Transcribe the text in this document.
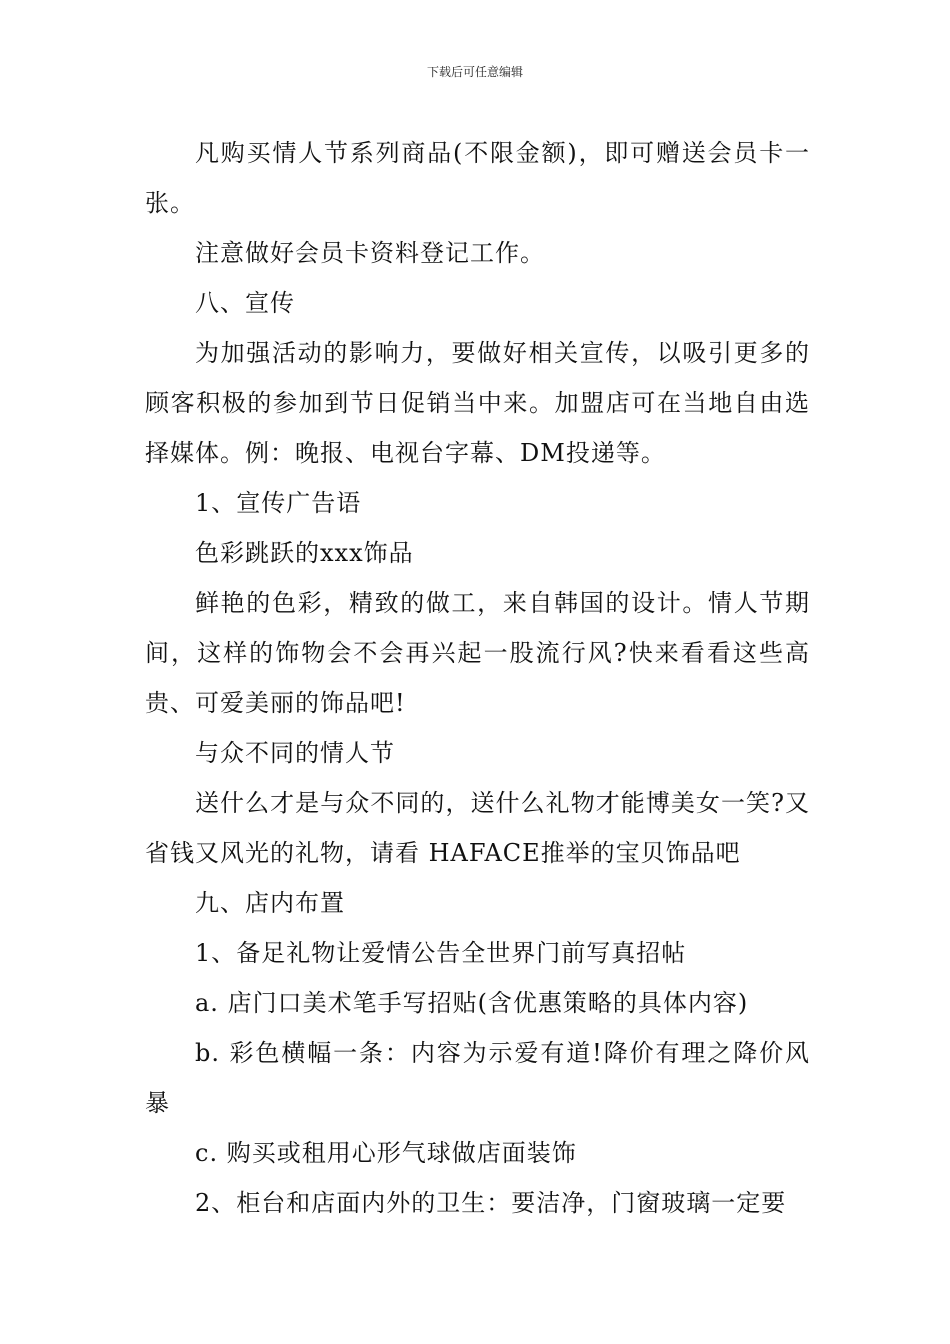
下载后可任意编辑

凡购买情人节系列商品(不限金额)，即可赠送会员卡一张。

注意做好会员卡资料登记工作。

八、宣传

为加强活动的影响力，要做好相关宣传，以吸引更多的顾客积极的参加到节日促销当中来。加盟店可在当地自由选择媒体。例：晚报、电视台字幕、DM投递等。

1、宣传广告语

色彩跳跃的xxx饰品

鲜艳的色彩，精致的做工，来自韩国的设计。情人节期间，这样的饰物会不会再兴起一股流行风?快来看看这些高贵、可爱美丽的饰品吧!

与众不同的情人节

送什么才是与众不同的，送什么礼物才能博美女一笑?又省钱又风光的礼物，请看 HAFACE推举的宝贝饰品吧

九、店内布置

1、备足礼物让爱情公告全世界门前写真招帖

a. 店门口美术笔手写招贴(含优惠策略的具体内容)

b. 彩色横幅一条：内容为示爱有道!降价有理之降价风暴

c. 购买或租用心形气球做店面装饰

2、柜台和店面内外的卫生：要洁净，门窗玻璃一定要
